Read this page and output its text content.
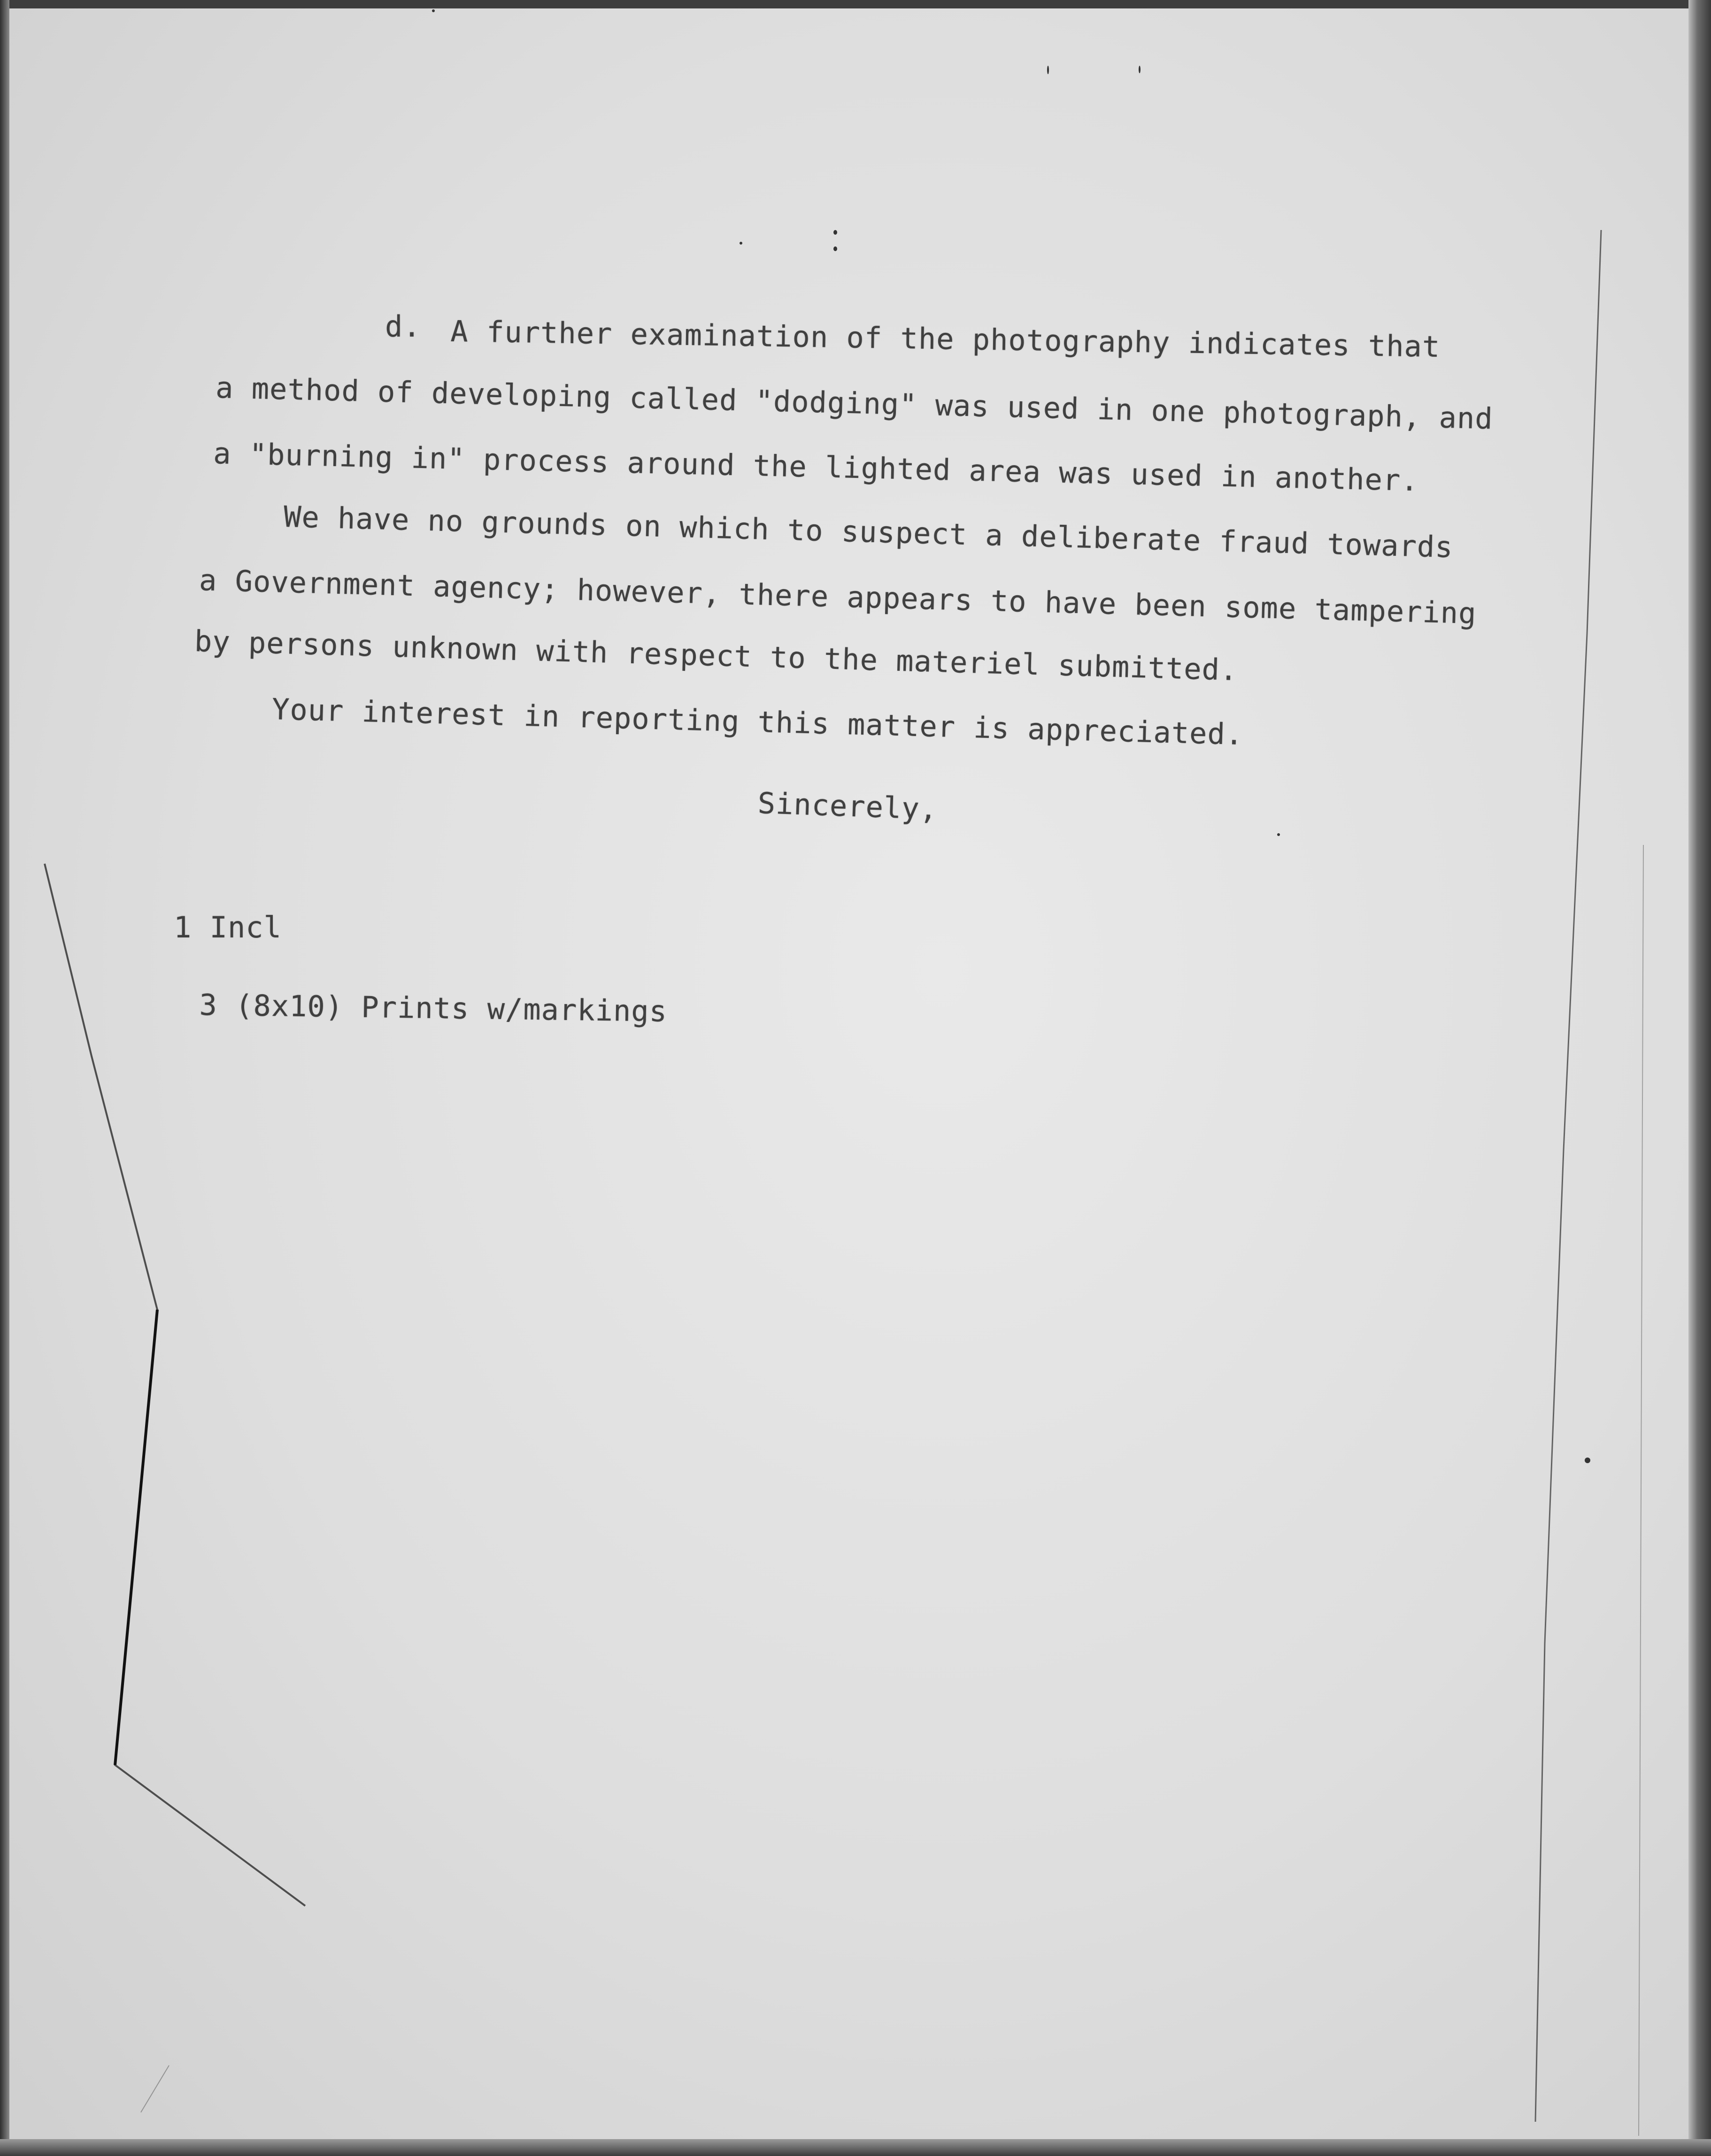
d. A further examination of the photography indicates that
a method of developing called "dodging" was used in one photograph, and
a "burning in" process around the lighted area was used in another.
We have no grounds on which to suspect a deliberate fraud towards
a Government agency; however, there appears to have been some tampering
by persons unknown with respect to the materiel submitted.
Your interest in reporting this matter is appreciated.
Sincerely,
1 Incl
3 (8x10) Prints w/markings
